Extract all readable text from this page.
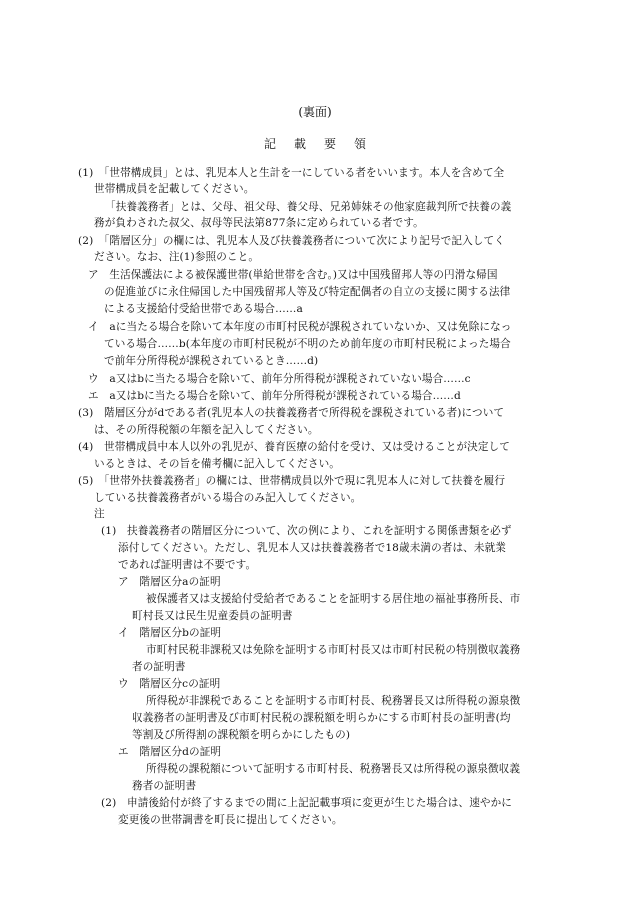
(裏面)
記載要領
(1)　「世帯構成員」とは、乳児本人と生計を一にしている者をいいます。本人を含めて全
世帯構成員を記載してください。
「扶養義務者」とは、父母、祖父母、養父母、兄弟姉妹その他家庭裁判所で扶養の義
務が負わされた叔父、叔母等民法第877条に定められている者です。
(2)　「階層区分」の欄には、乳児本人及び扶養義務者について次により記号で記入してく
ださい。なお、注(1)参照のこと。
ア　生活保護法による被保護世帯(単給世帯を含む。)又は中国残留邦人等の円滑な帰国
の促進並びに永住帰国した中国残留邦人等及び特定配偶者の自立の支援に関する法律
による支援給付受給世帯である場合……a
イ　aに当たる場合を除いて本年度の市町村民税が課税されていないか、又は免除になっ
ている場合……b(本年度の市町村民税が不明のため前年度の市町村民税によった場合
で前年分所得税が課税されているとき……d)
ウ　a又はbに当たる場合を除いて、前年分所得税が課税されていない場合……c
エ　a又はbに当たる場合を除いて、前年分所得税が課税されている場合……d
(3)　階層区分がdである者(乳児本人の扶養義務者で所得税を課税されている者)について
は、その所得税額の年額を記入してください。
(4)　世帯構成員中本人以外の乳児が、養育医療の給付を受け、又は受けることが決定して
いるときは、その旨を備考欄に記入してください。
(5)　「世帯外扶養義務者」の欄には、世帯構成員以外で現に乳児本人に対して扶養を履行
している扶養義務者がいる場合のみ記入してください。
注
(1)　扶養義務者の階層区分について、次の例により、これを証明する関係書類を必ず
添付してください。ただし、乳児本人又は扶養義務者で18歳未満の者は、未就業
であれば証明書は不要です。
ア　階層区分aの証明
被保護者又は支援給付受給者であることを証明する居住地の福祉事務所長、市
町村長又は民生児童委員の証明書
イ　階層区分bの証明
市町村民税非課税又は免除を証明する市町村長又は市町村民税の特別徴収義務
者の証明書
ウ　階層区分cの証明
所得税が非課税であることを証明する市町村長、税務署長又は所得税の源泉徴
収義務者の証明書及び市町村民税の課税額を明らかにする市町村長の証明書(均
等割及び所得割の課税額を明らかにしたもの)
エ　階層区分dの証明
所得税の課税額について証明する市町村長、税務署長又は所得税の源泉徴収義
務者の証明書
(2)　申請後給付が終了するまでの間に上記記載事項に変更が生じた場合は、速やかに
変更後の世帯調書を町長に提出してください。
